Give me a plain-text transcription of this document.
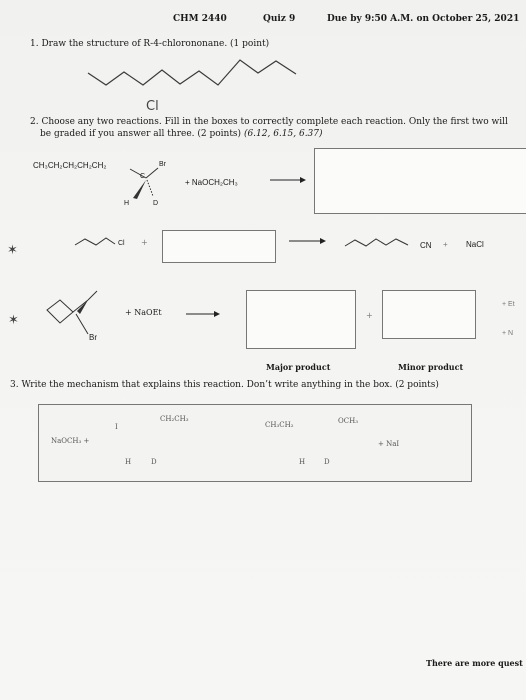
CHM 2440	Quiz 9	Due by 9:50 A.M. on October 25, 2021
1. Draw the structure of R-4-chlorononane. (1 point)
Cl
2. Choose any two reactions. Fill in the boxes to correctly complete each reaction. Only the first two will
be graded if you answer all three. (2 points) (6.12, 6.15, 6.37)
CH₃CH₂CH₂CH₂CH₂	Br
C
H	D
+ NaOCH₂CH₃
✶	Cl +	CN + NaCl
✶
Br
+ NaOEt	+
+ Et
+ N
Major product	Minor product
3. Write the mechanism that explains this reaction. Don’t write anything in the box. (2 points)
NaOCH₃ +
I
CH₂CH₃
H	D
CH₃CH₂	OCH₃
H	D
+ NaI
There are more quest
